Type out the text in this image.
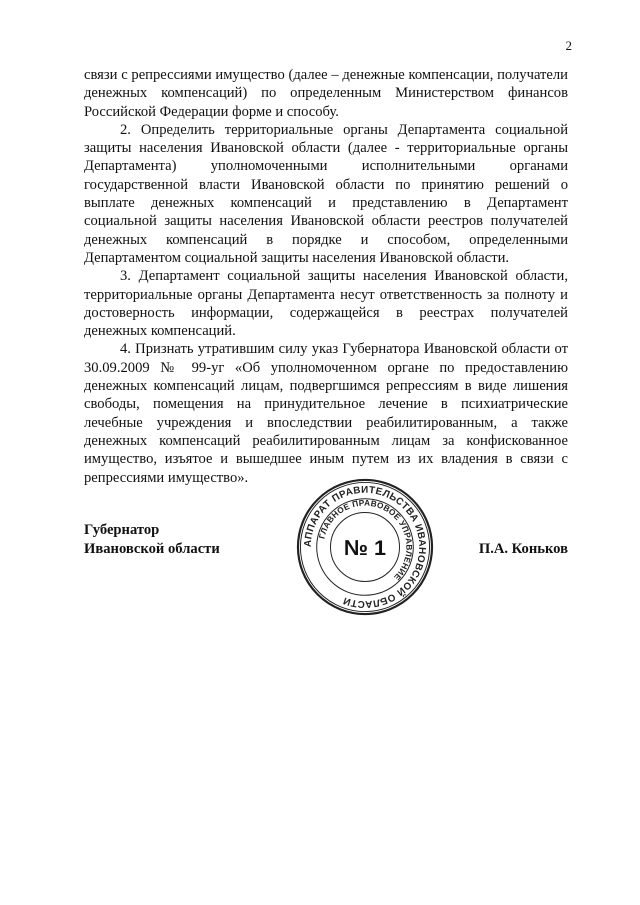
2

связи с репрессиями имущество (далее – денежные компенсации, получатели денежных компенсаций) по определенным Министерством финансов Российской Федерации форме и способу.

2. Определить территориальные органы Департамента социальной защиты населения Ивановской области (далее - территориальные органы Департамента) уполномоченными исполнительными органами государственной власти Ивановской области по принятию решений о выплате денежных компенсаций и представлению в Департамент социальной защиты населения Ивановской области реестров получателей денежных компенсаций в порядке и способом, определенными Департаментом социальной защиты населения Ивановской области.

3. Департамент социальной защиты населения Ивановской области, территориальные органы Департамента несут ответственность за полноту и достоверность информации, содержащейся в реестрах получателей денежных компенсаций.

4. Признать утратившим силу указ Губернатора Ивановской области от 30.09.2009 № 99-уг «Об уполномоченном органе по предоставлению денежных компенсаций лицам, подвергшимся репрессиям в виде лишения свободы, помещения на принудительное лечение в психиатрические лечебные учреждения и впоследствии реабилитированным, а также денежных компенсаций реабилитированным лицам за конфискованное имущество, изъятое и вышедшее иным путем из их владения в связи с репрессиями имущество».

Губернатор
Ивановской области	АППАРАТ ПРАВИТЕЛЬСТВА ИВАНОВСКОЙ ОБЛАСТИ
ГЛАВНОЕ ПРАВОВОЕ УПРАВЛЕНИЕ
№ 1	П.А. Коньков
